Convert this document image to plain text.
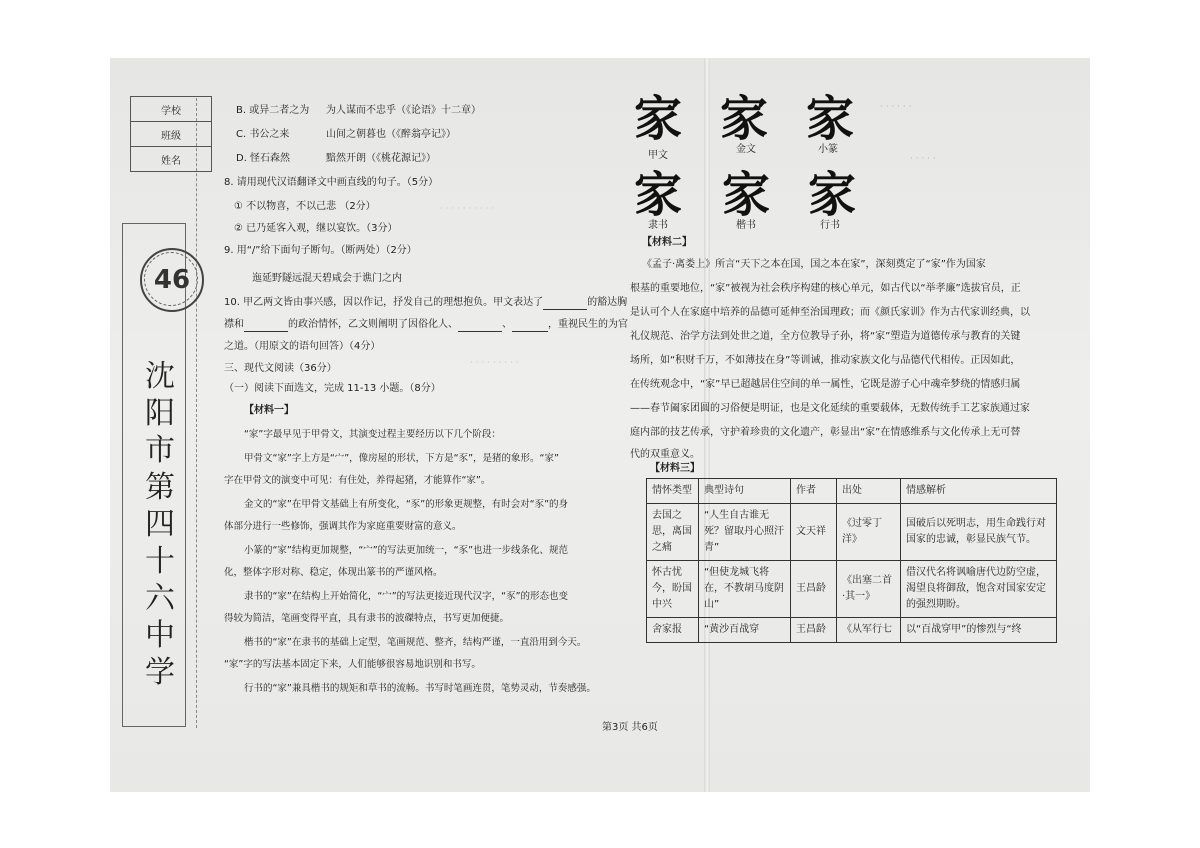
学校
班级
姓名
46
沈阳市第四十六中学
B. 或异二者之为 为人谋而不忠乎（《论语》十二章）
C. 书公之来	山间之朝暮也（《醉翁亭记》）
D. 怪石森然	黯然开朗（《桃花源记》）
8. 请用现代汉语翻译文中画直线的句子。（5分）
① 不以物喜，不以己悲 （2分）
② 已乃延客入观，继以宴饮。（3分）
9. 用“/”给下面句子断句。（断两处）（2分）
迤延野隧远混天碧咸会于谯门之内
10. 甲乙两文皆由事兴感，因以作记，抒发自己的理想抱负。甲文表达了	的豁达胸
襟和	的政治情怀，乙文则阐明了因俗化人、	、	，重视民生的为官
之道。（用原文的语句回答）（4分）
三、现代文阅读（36分）
（一）阅读下面选文，完成 11-13 小题。（8分）
【材料一】
“家”字最早见于甲骨文，其演变过程主要经历以下几个阶段：
甲骨文“家”字上方是“宀”，像房屋的形状，下方是“豕”，是猪的象形。“家”
字在甲骨文的演变中可见：有住处，养得起猪，才能算作“家”。
金文的“家”在甲骨文基础上有所变化，“豕”的形象更规整，有时会对“豕”的身
体部分进行一些修饰，强调其作为家庭重要财富的意义。
小篆的“家”结构更加规整，“宀”的写法更加统一，“豕”也进一步线条化、规范
化，整体字形对称、稳定，体现出篆书的严谨风格。
隶书的“家”在结构上开始简化，“宀”的写法更接近现代汉字，“豕”的形态也变
得较为简洁，笔画变得平直，具有隶书的波磔特点，书写更加便捷。
楷书的“家”在隶书的基础上定型，笔画规范、整齐，结构严谨，一直沿用到今天。
“家”字的写法基本固定下来，人们能够很容易地识别和书写。
行书的“家”兼具楷书的规矩和草书的流畅。书写时笔画连贯，笔势灵动，节奏感强。
· · · · · · · · · ·
· · · · · · · · ·
家 家 家
甲文
金文	小篆
家 家 家
隶书	楷书	行书
· · · · · ·
· · · · ·
【材料二】
《孟子·离娄上》所言“天下之本在国，国之本在家”，深刻奠定了“家”作为国家
根基的重要地位，“家”被视为社会秩序构建的核心单元，如古代以“举孝廉”选拔官员，正
是认可个人在家庭中培养的品德可延伸至治国理政；而《颜氏家训》作为古代家训经典，以
礼仪规范、治学方法到处世之道，全方位教导子孙，将“家”塑造为道德传承与教育的关键
场所，如“积财千万，不如薄技在身”等训诫，推动家族文化与品德代代相传。正因如此，
在传统观念中，“家”早已超越居住空间的单一属性，它既是游子心中魂牵梦绕的情感归属
——春节阖家团圆的习俗便是明证，也是文化延续的重要载体，无数传统手工艺家族通过家
庭内部的技艺传承，守护着珍贵的文化遗产，彰显出“家”在情感维系与文化传承上无可替
代的双重意义。
【材料三】
情怀类型	典型诗句	作者	出处	情感解析
去国之思，离国之痛	“人生自古谁无死？留取丹心照汗青”	文天祥	《过零丁洋》	国破后以死明志，用生命践行对国家的忠诚，彰显民族气节。
怀古忧今，盼国中兴	“但使龙城飞将在，不教胡马度阴山”	王昌龄	《出塞二首·其一》	借汉代名将讽喻唐代边防空虚，渴望良将御敌，饱含对国家安定的强烈期盼。
舍家报	“黄沙百战穿	王昌龄	《从军行七	以“百战穿甲”的惨烈与“终
第3页 共6页
